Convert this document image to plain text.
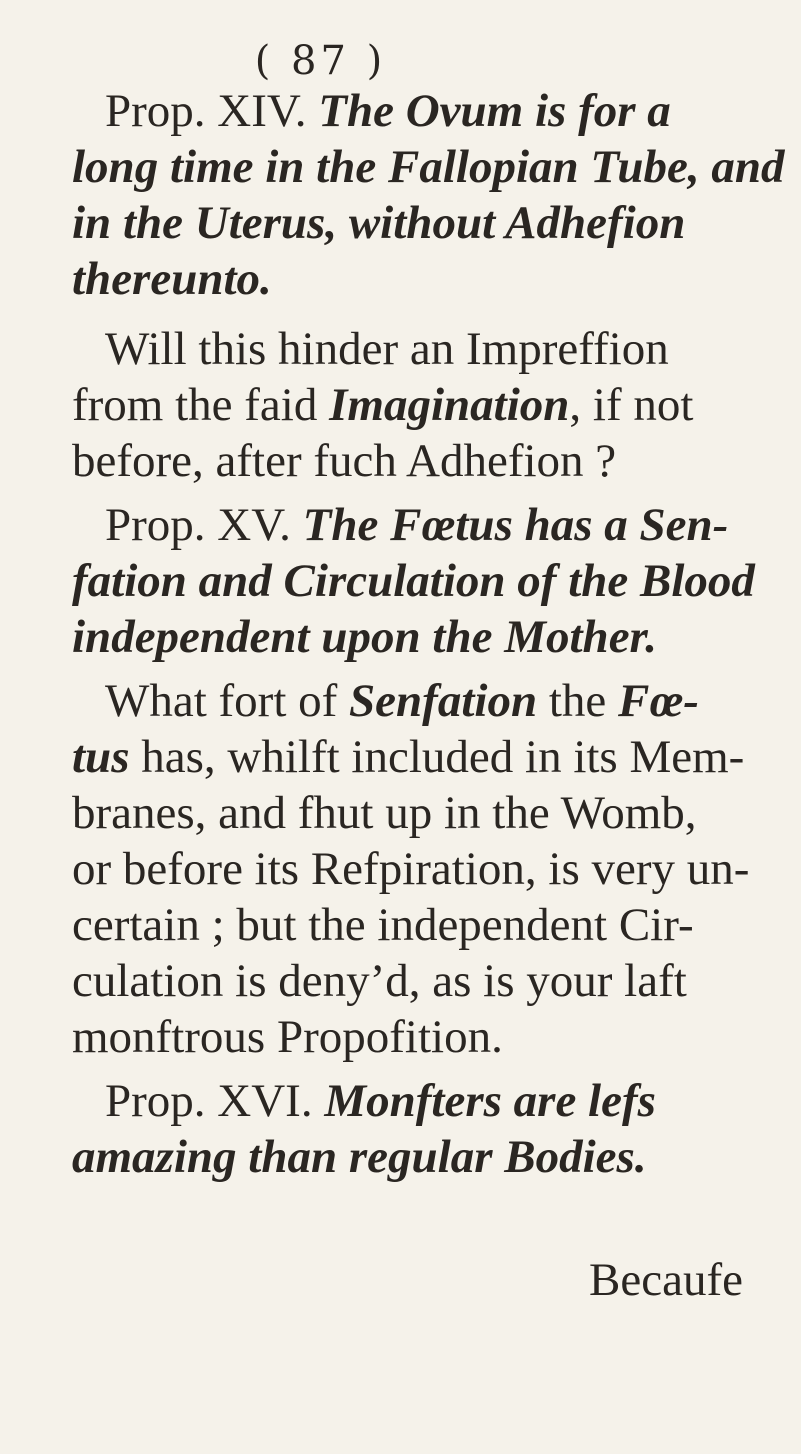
( 87 )
Prop. XIV. The Ovum is for a
long time in the Fallopian Tube, and
in the Uterus, without Adhefion
thereunto.
Will this hinder an Impreffion
from the faid Imagination, if not
before, after fuch Adhefion ?
Prop. XV. The Fœtus has a Sen-
fation and Circulation of the Blood
independent upon the Mother.
What fort of Senfation the Fœ-
tus has, whilft included in its Mem-
branes, and fhut up in the Womb,
or before its Refpiration, is very un-
certain ; but the independent Cir-
culation is deny’d, as is your laft
monftrous Propofition.
Prop. XVI. Monfters are lefs
amazing than regular Bodies.
Becaufe
